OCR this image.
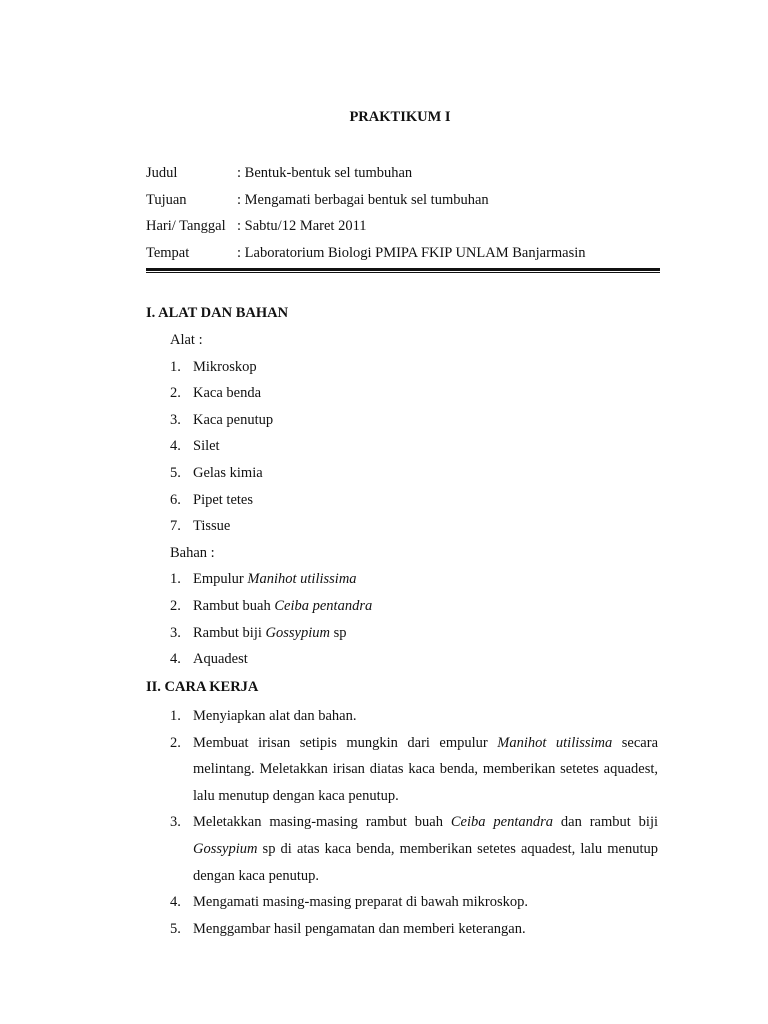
PRAKTIKUM I
Judul	: Bentuk-bentuk sel tumbuhan
Tujuan	: Mengamati berbagai bentuk sel tumbuhan
Hari/ Tanggal : Sabtu/12 Maret 2011
Tempat	: Laboratorium Biologi PMIPA FKIP UNLAM Banjarmasin
I. ALAT DAN BAHAN
Alat :
1. Mikroskop
2. Kaca benda
3. Kaca penutup
4. Silet
5. Gelas kimia
6. Pipet tetes
7. Tissue
Bahan :
1. Empulur Manihot utilissima
2. Rambut buah Ceiba pentandra
3. Rambut biji Gossypium sp
4. Aquadest
II. CARA KERJA
1. Menyiapkan alat dan bahan.
2. Membuat irisan setipis mungkin dari empulur Manihot utilissima secara melintang. Meletakkan irisan diatas kaca benda, memberikan setetes aquadest, lalu menutup dengan kaca penutup.
3. Meletakkan masing-masing rambut buah Ceiba pentandra dan rambut biji Gossypium sp di atas kaca benda, memberikan setetes aquadest, lalu menutup dengan kaca penutup.
4. Mengamati masing-masing preparat di bawah mikroskop.
5. Menggambar hasil pengamatan dan memberi keterangan.
